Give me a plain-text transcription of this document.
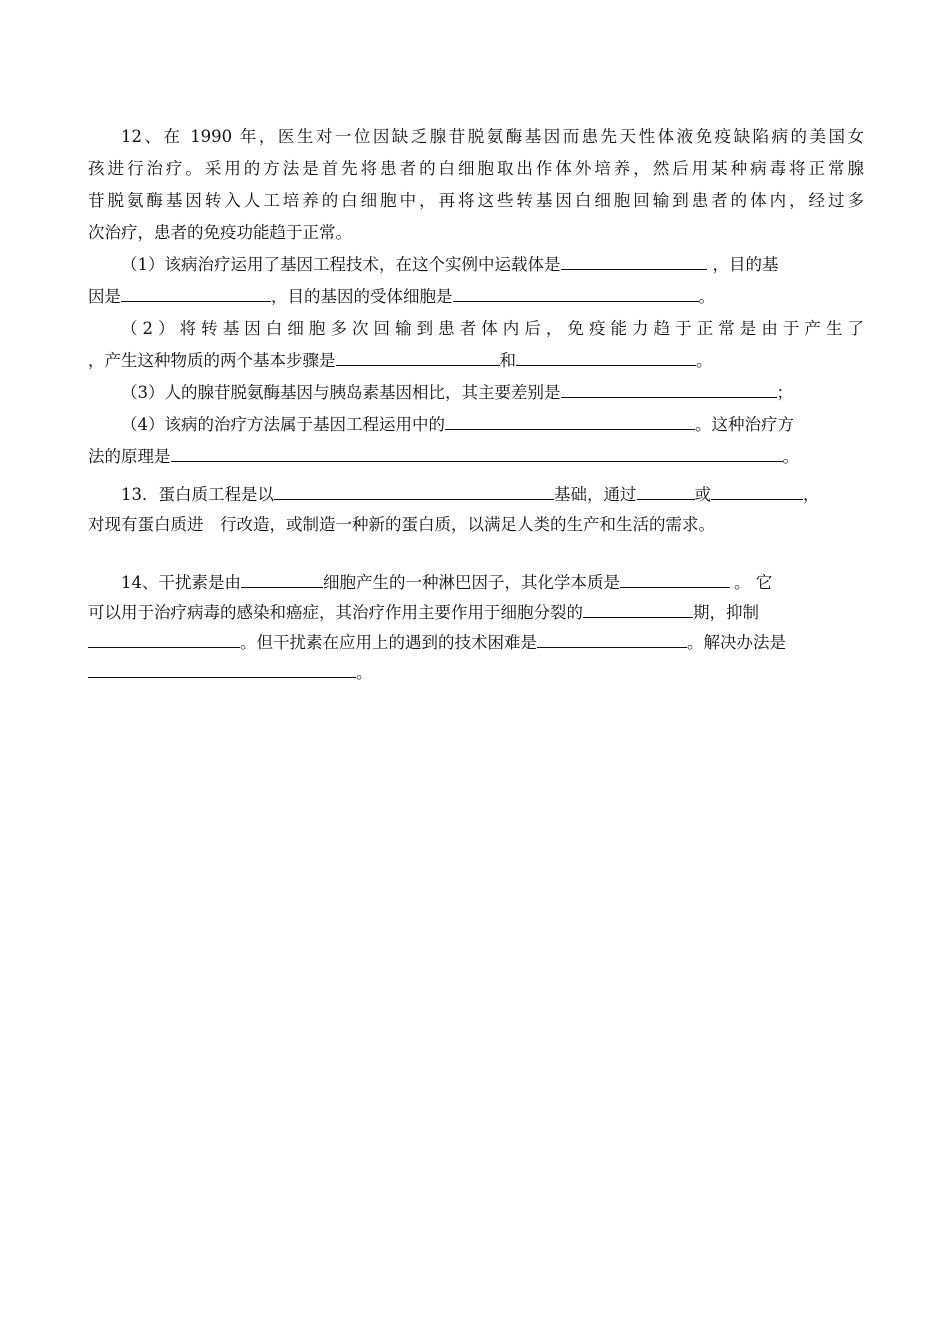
12、在 1990 年，医生对一位因缺乏腺苷脱氨酶基因而患先天性体液免疫缺陷病的美国女
孩进行治疗。采用的方法是首先将患者的白细胞取出作体外培养，然后用某种病毒将正常腺
苷脱氨酶基因转入人工培养的白细胞中，再将这些转基因白细胞回输到患者的体内，经过多
次治疗，患者的免疫功能趋于正常。
（1）该病治疗运用了基因工程技术，在这个实例中运载体是	，目的基
因是	，目的基因的受体细胞是	。
（2）将转基因白细胞多次回输到患者体内后，免疫能力趋于正常是由于产生了
，产生这种物质的两个基本步骤是	和	。
（3）人的腺苷脱氨酶基因与胰岛素基因相比，其主要差别是	；
（4）该病的治疗方法属于基因工程运用中的	。这种治疗方
法的原理是	。
13．蛋白质工程是以	基础，通过	或	，
对现有蛋白质进　行改造，或制造一种新的蛋白质，以满足人类的生产和生活的需求。
14、干扰素是由	细胞产生的一种淋巴因子，其化学本质是	。 它
可以用于治疗病毒的感染和癌症，其治疗作用主要作用于细胞分裂的	期，抑制
。但干扰素在应用上的遇到的技术困难是	。解决办法是
。
